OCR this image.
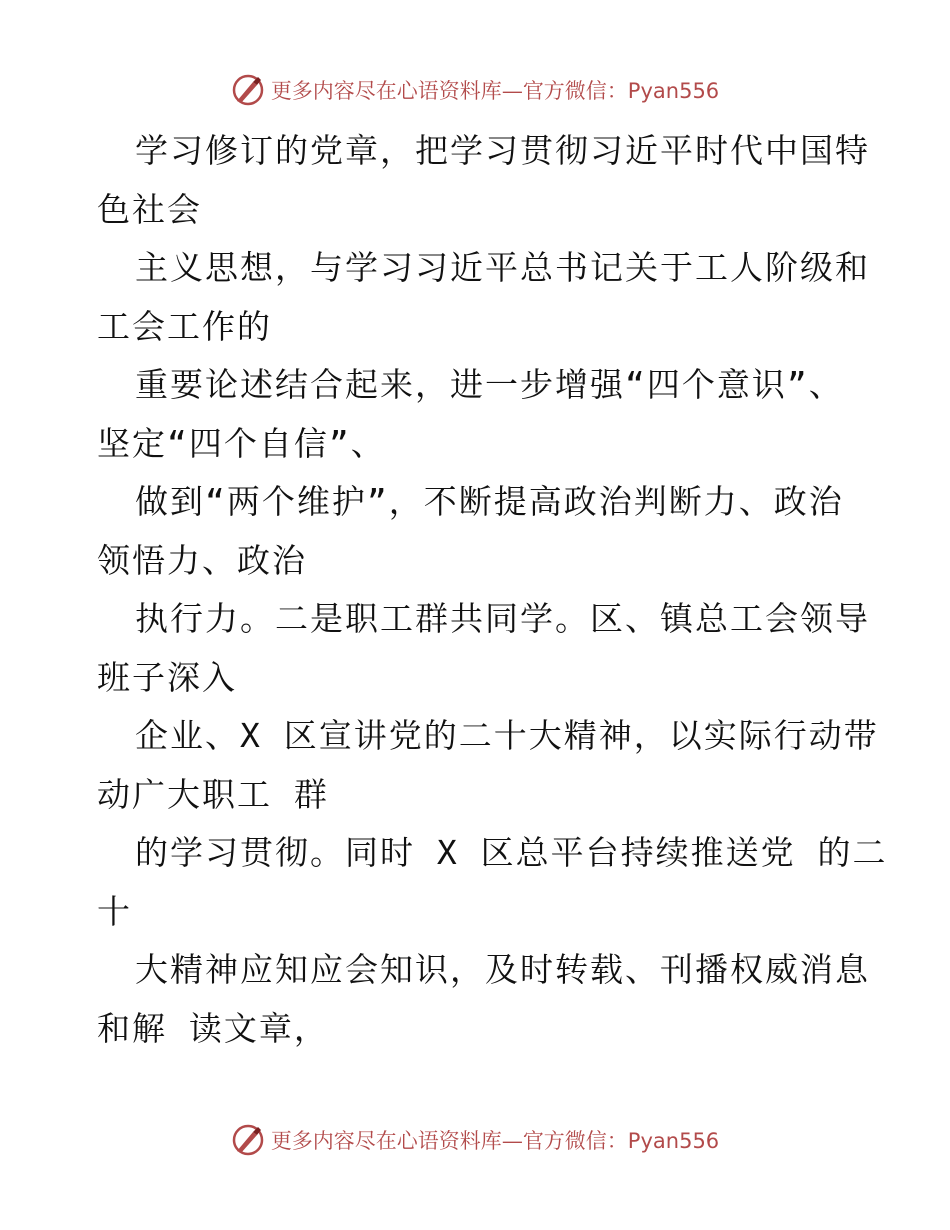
更多内容尽在心语资料库—官方微信：Pyan556
学习修订的党章，把学习贯彻习近平时代中国特
色社会
主义思想，与学习习近平总书记关于工人阶级和
工会工作的
重要论述结合起来，进一步增强“四个意识”、
坚定“四个自信”、
做到“两个维护”，不断提高政治判断力、政治
领悟力、政治
执行力。二是职工群共同学。区、镇总工会领导
班子深入
企业、X 区宣讲党的二十大精神，以实际行动带
动广大职工 群
的学习贯彻。同时 X 区总平台持续推送党 的二
十
大精神应知应会知识，及时转载、刊播权威消息
和解 读文章，
更多内容尽在心语资料库—官方微信：Pyan556
